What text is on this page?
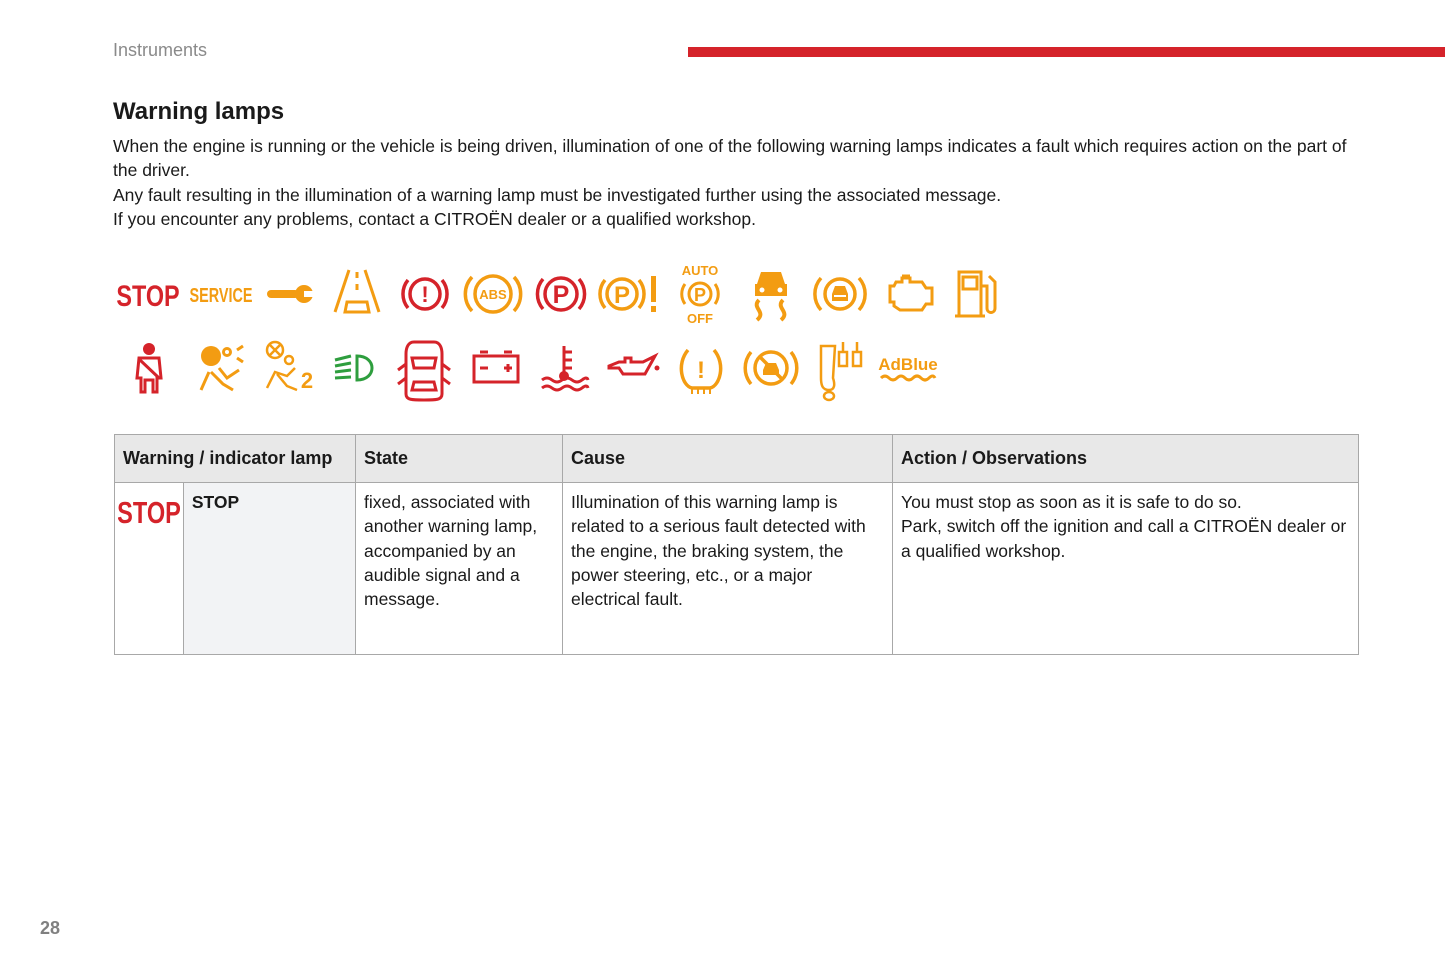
Instruments
Warning lamps

When the engine is running or the vehicle is being driven, illumination of one of the following warning lamps indicates a fault which requires action on the part of the driver.

Any fault resulting in the illumination of a warning lamp must be investigated further using the associated message.

If you encounter any problems, contact a CITROËN dealer or a qualified workshop.

STOP SERVICE	!	ABS P P
AUTO
P
OFF
2	!	AdBlue
Warning / indicator lamp		State	Cause	Action / Observations

STOP	STOP	fixed, associated with another warning lamp, accompanied by an audible signal and a message.	Illumination of this warning lamp is related to a serious fault detected with the engine, the braking system, the power steering, etc., or a major electrical fault.	You must stop as soon as it is safe to do so.
Park, switch off the ignition and call a CITROËN dealer or a qualified workshop.
28
